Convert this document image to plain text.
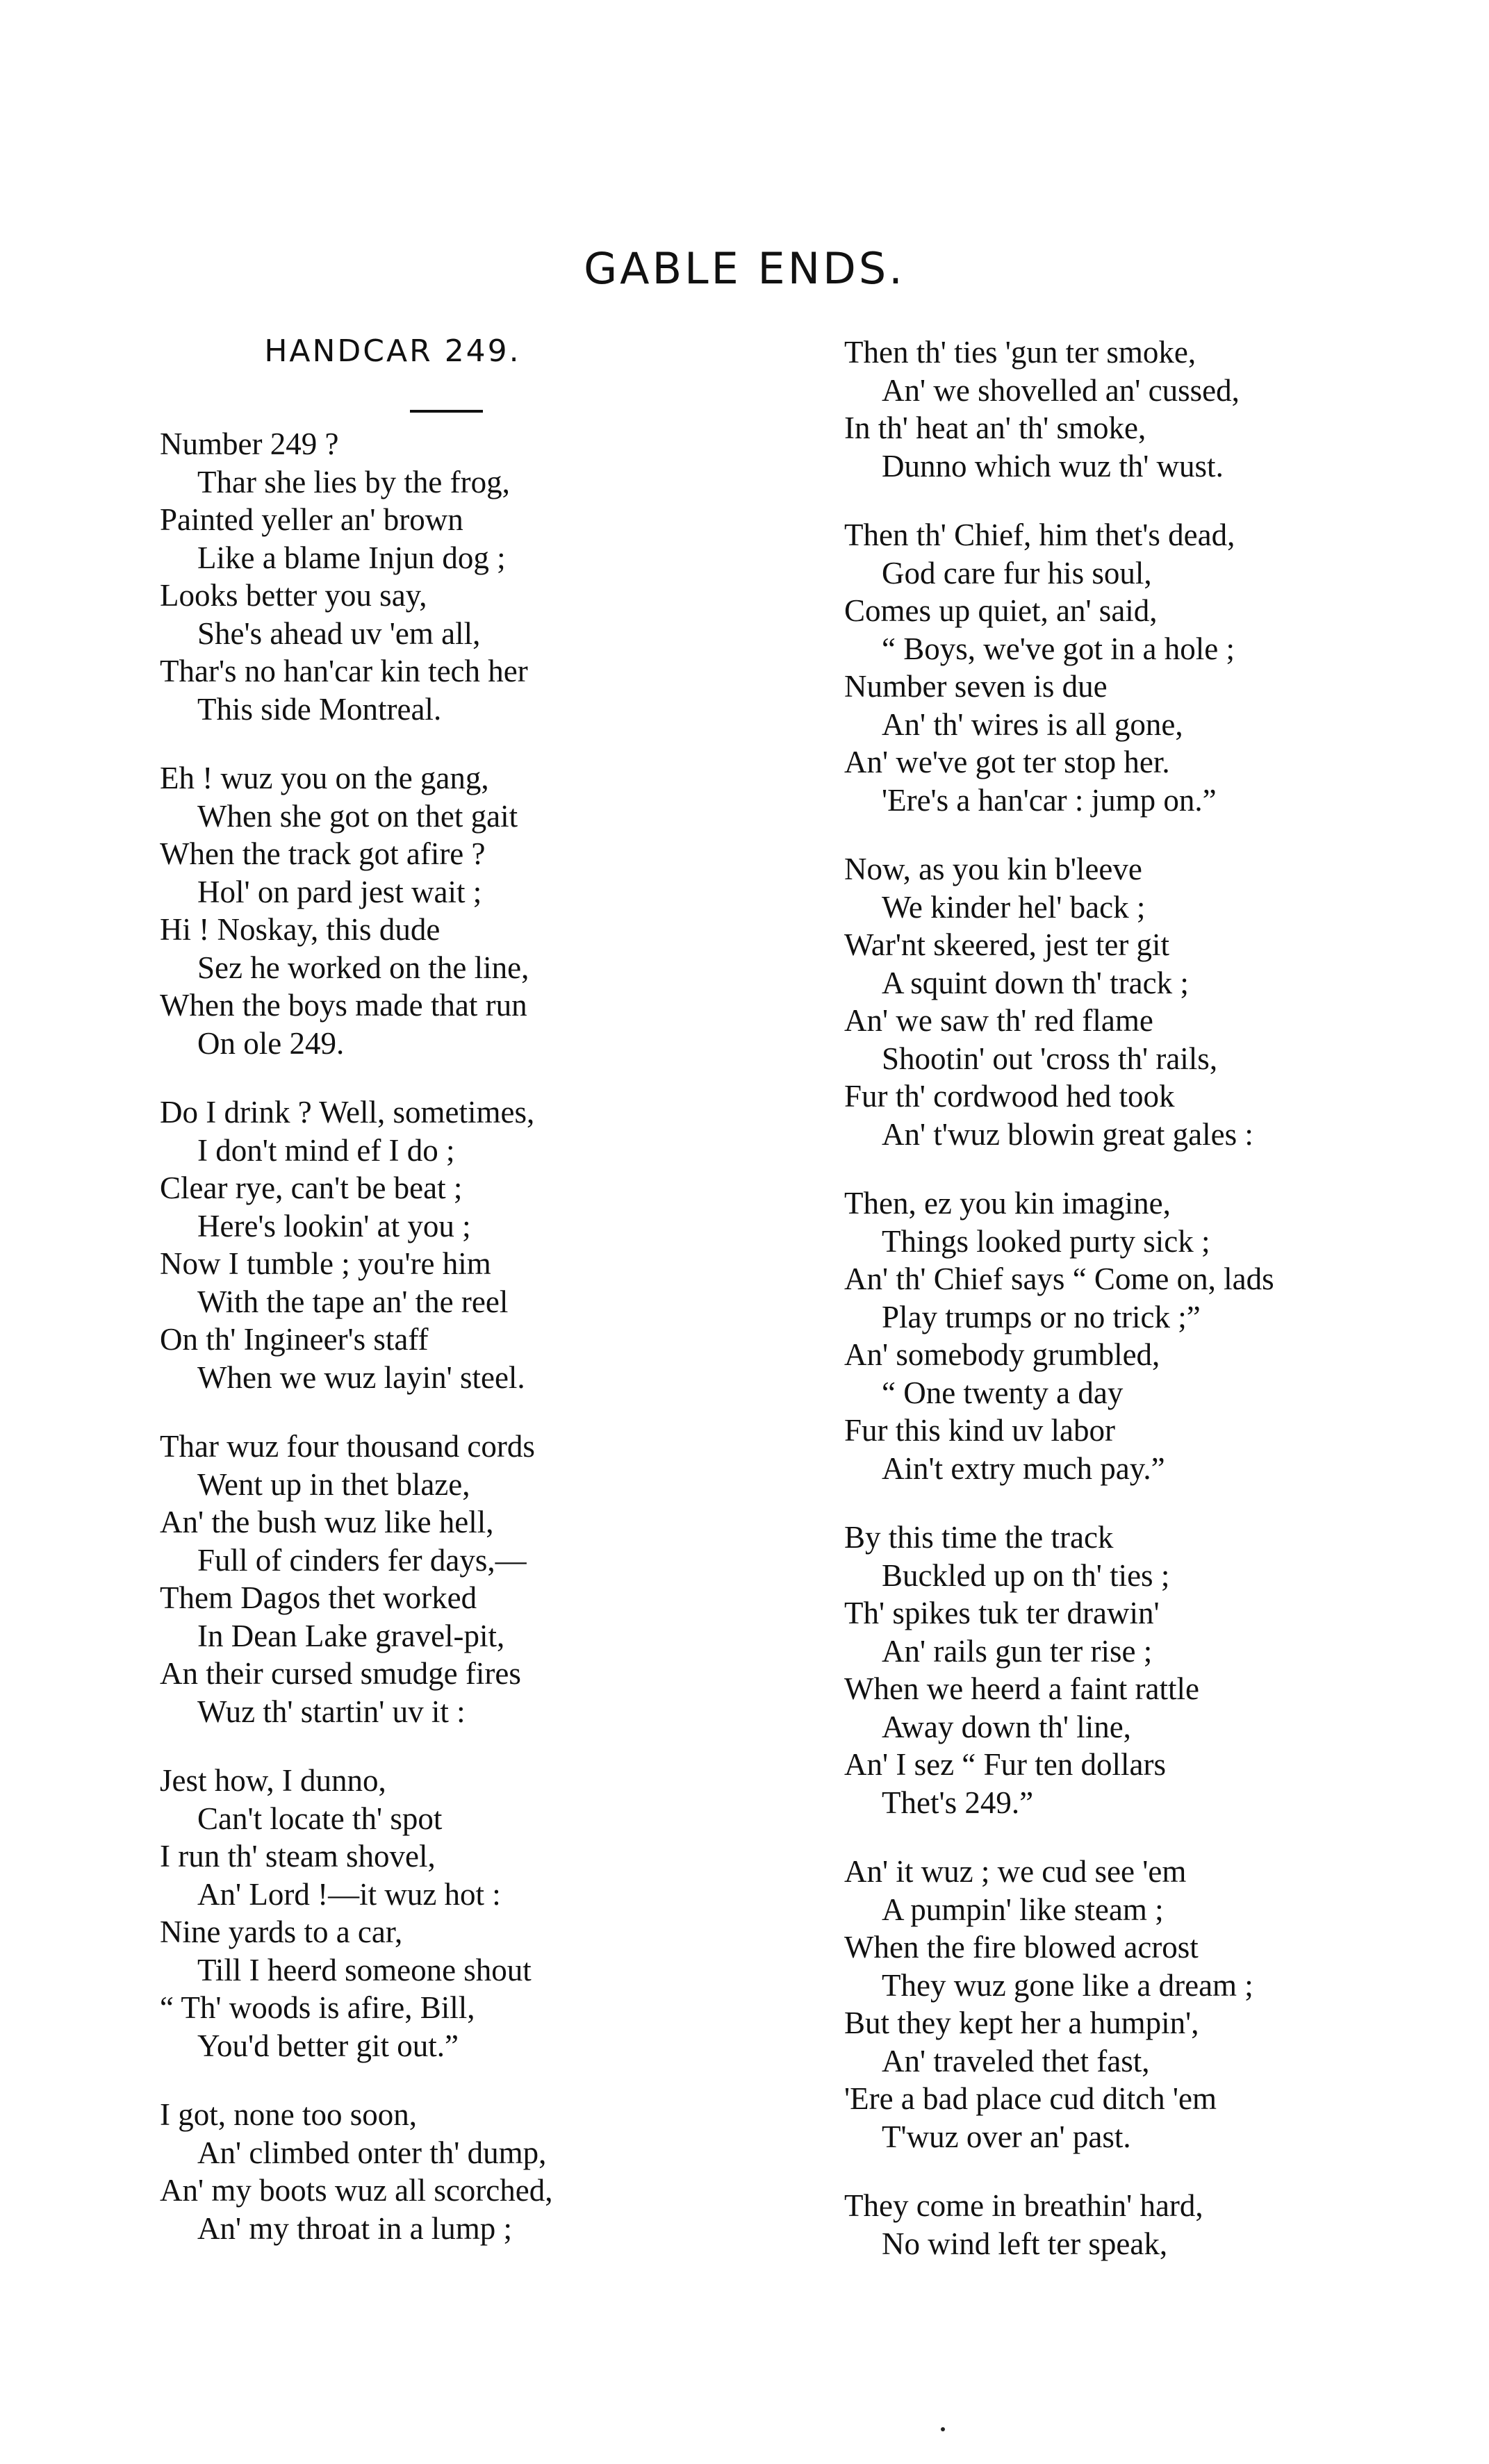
GABLE ENDS.
HANDCAR 249.
Number 249 ?
Thar she lies by the frog,
Painted yeller an' brown
Like a blame Injun dog ;
Looks better you say,
She's ahead uv 'em all,
Thar's no han'car kin tech her
This side Montreal.
Eh ! wuz you on the gang,
When she got on thet gait
When the track got afire ?
Hol' on pard jest wait ;
Hi ! Noskay, this dude
Sez he worked on the line,
When the boys made that run
On ole 249.
Do I drink ? Well, sometimes,
I don't mind ef I do ;
Clear rye, can't be beat ;
Here's lookin' at you ;
Now I tumble ; you're him
With the tape an' the reel
On th' Ingineer's staff
When we wuz layin' steel.
Thar wuz four thousand cords
Went up in thet blaze,
An' the bush wuz like hell,
Full of cinders fer days,—
Them Dagos thet worked
In Dean Lake gravel-pit,
An their cursed smudge fires
Wuz th' startin' uv it :
Jest how, I dunno,
Can't locate th' spot
I run th' steam shovel,
An' Lord !—it wuz hot :
Nine yards to a car,
Till I heerd someone shout
“ Th' woods is afire, Bill,
You'd better git out.”
I got, none too soon,
An' climbed onter th' dump,
An' my boots wuz all scorched,
An' my throat in a lump ;
Then th' ties 'gun ter smoke,
An' we shovelled an' cussed,
In th' heat an' th' smoke,
Dunno which wuz th' wust.
Then th' Chief, him thet's dead,
God care fur his soul,
Comes up quiet, an' said,
“ Boys, we've got in a hole ;
Number seven is due
An' th' wires is all gone,
An' we've got ter stop her.
'Ere's a han'car : jump on.”
Now, as you kin b'leeve
We kinder hel' back ;
War'nt skeered, jest ter git
A squint down th' track ;
An' we saw th' red flame
Shootin' out 'cross th' rails,
Fur th' cordwood hed took
An' t'wuz blowin great gales :
Then, ez you kin imagine,
Things looked purty sick ;
An' th' Chief says “ Come on, lads
Play trumps or no trick ;”
An' somebody grumbled,
“ One twenty a day
Fur this kind uv labor
Ain't extry much pay.”
By this time the track
Buckled up on th' ties ;
Th' spikes tuk ter drawin'
An' rails gun ter rise ;
When we heerd a faint rattle
Away down th' line,
An' I sez “ Fur ten dollars
Thet's 249.”
An' it wuz ; we cud see 'em
A pumpin' like steam ;
When the fire blowed acrost
They wuz gone like a dream ;
But they kept her a humpin',
An' traveled thet fast,
'Ere a bad place cud ditch 'em
T'wuz over an' past.
They come in breathin' hard,
No wind left ter speak,
